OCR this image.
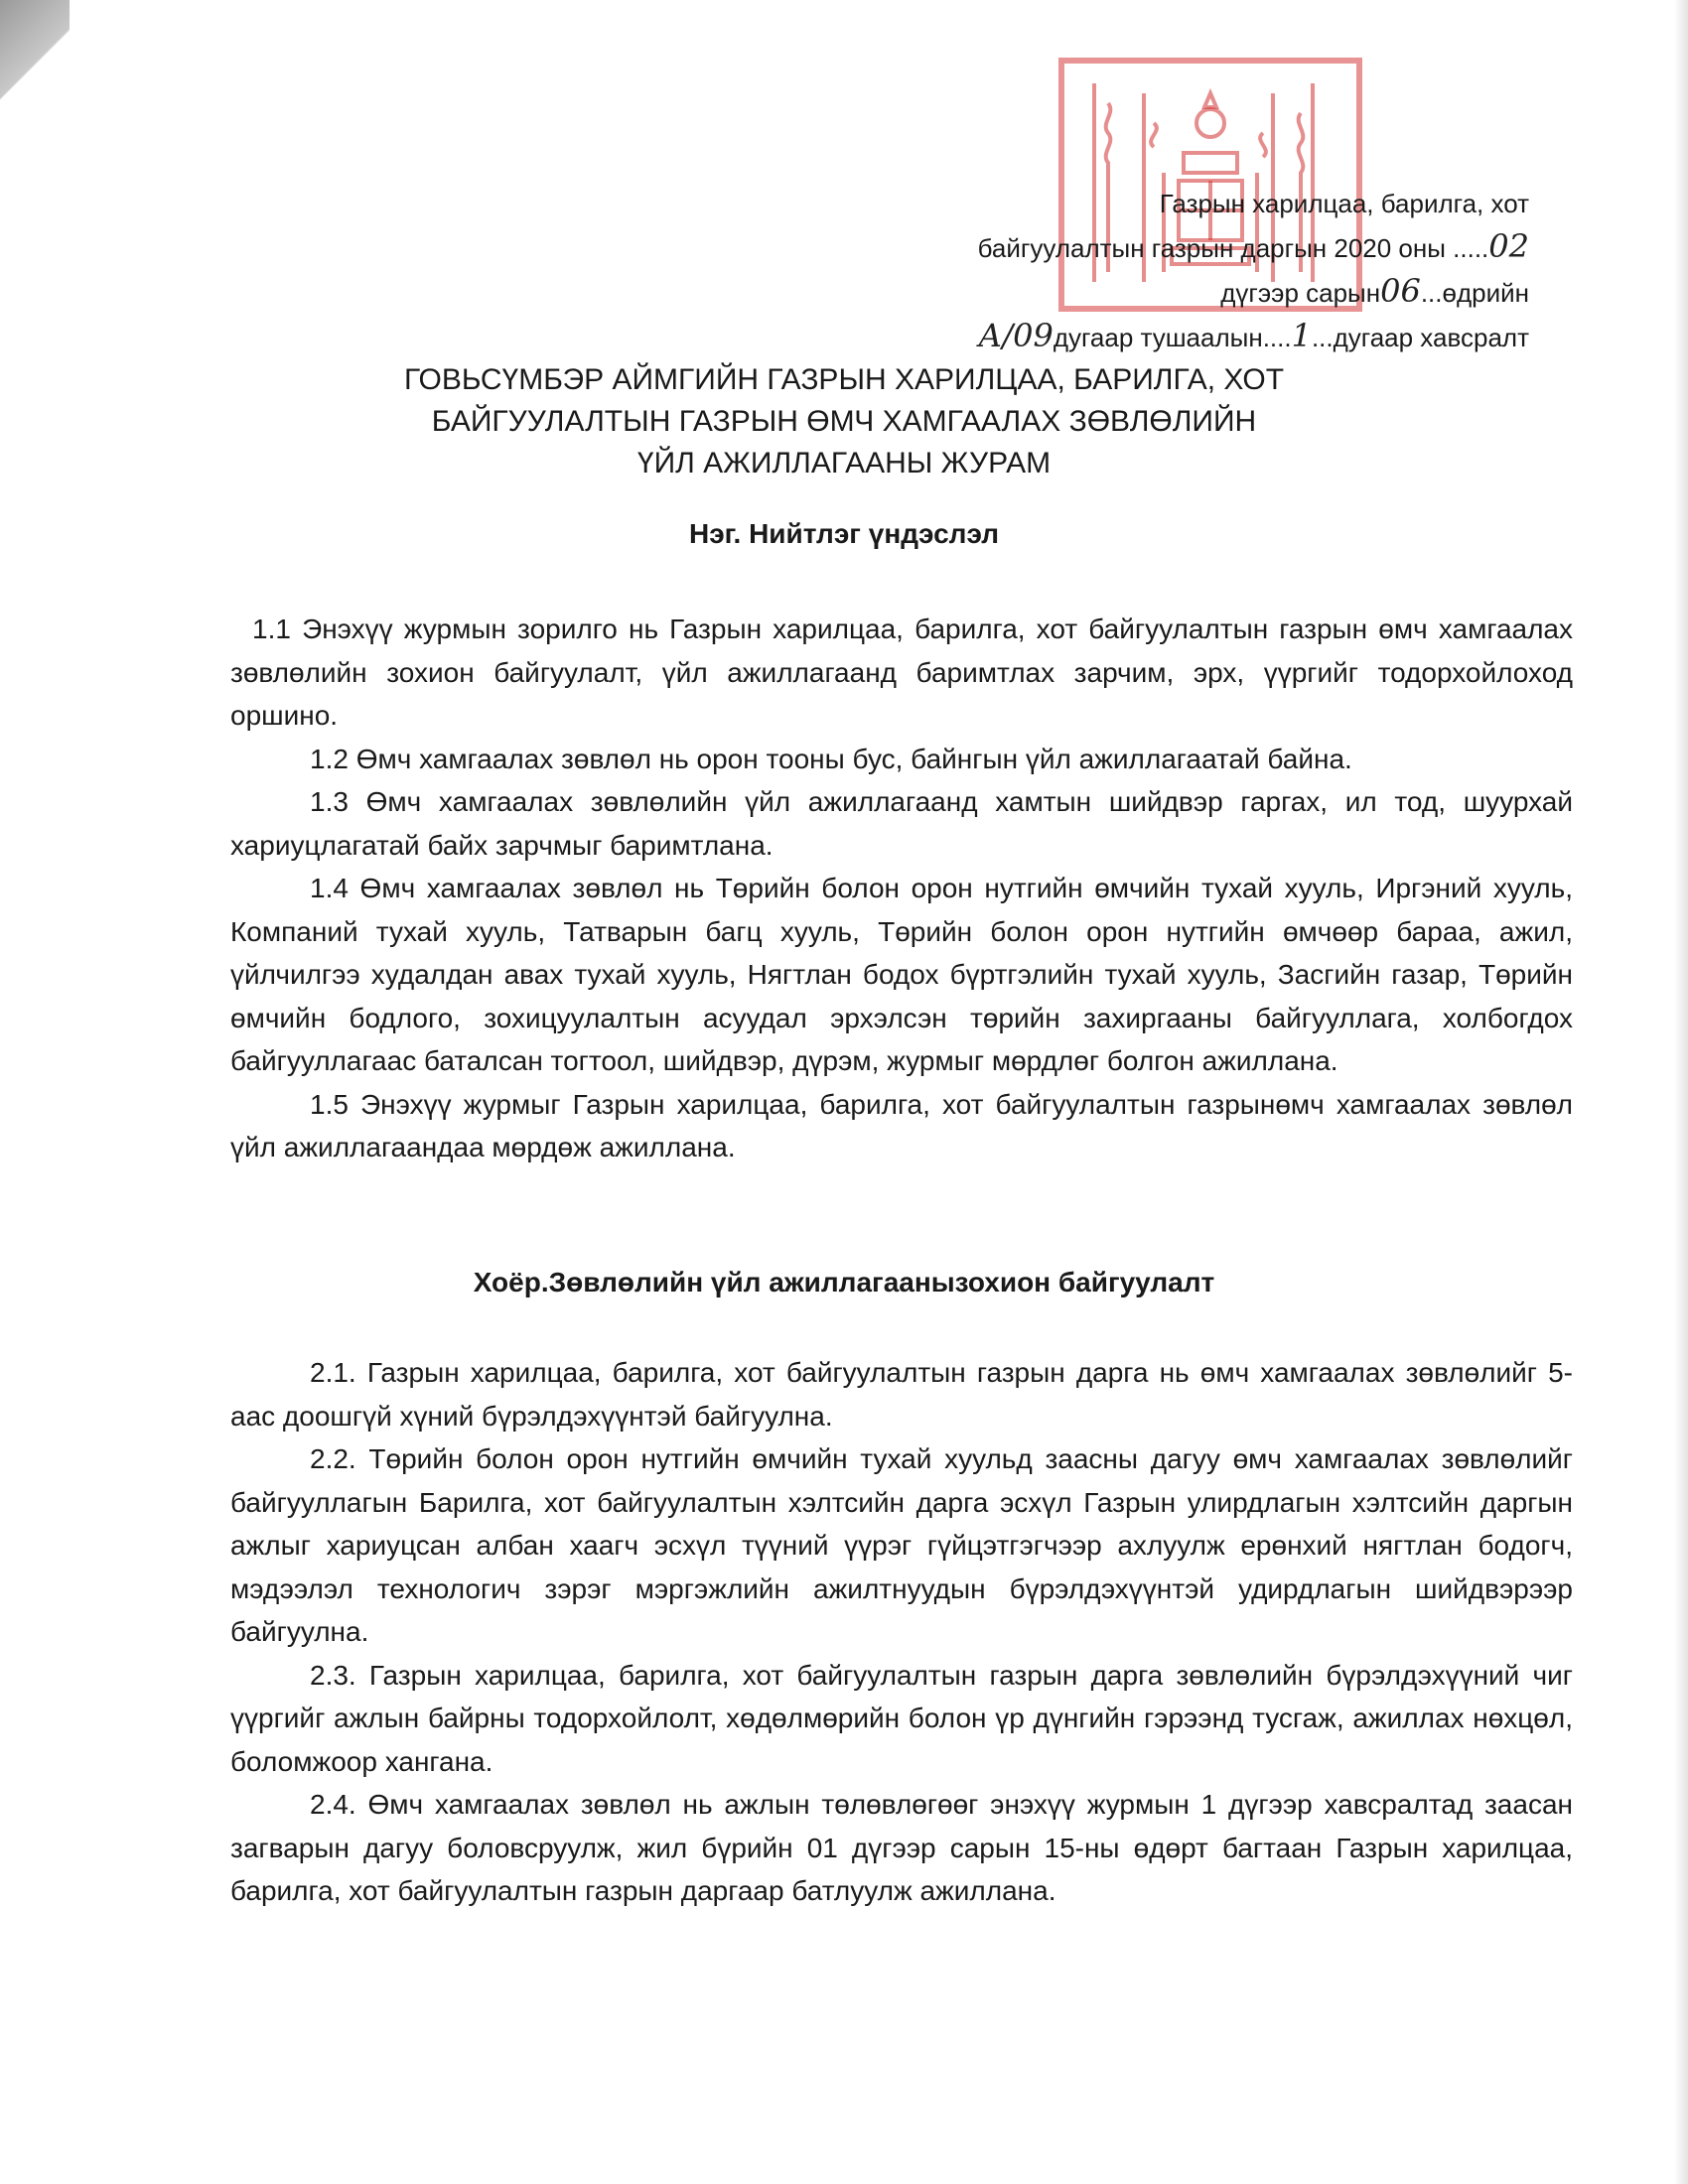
Газрын харилцаа, барилга, хот
байгуулалтын газрын даргын 2020 оны .....02
дүгээр сарын06...өдрийн
А/09дугаар тушаалын....1...дугаар хавсралт
ГОВЬСҮМБЭР АЙМГИЙН ГАЗРЫН ХАРИЛЦАА, БАРИЛГА, ХОТ
БАЙГУУЛАЛТЫН ГАЗРЫН ӨМЧ ХАМГААЛАХ ЗӨВЛӨЛИЙН
ҮЙЛ АЖИЛЛАГААНЫ ЖУРАМ
Нэг. Нийтлэг үндэслэл

1.1 Энэхүү журмын зорилго нь Газрын харилцаа, барилга, хот байгуулалтын газрын өмч хамгаалах зөвлөлийн зохион байгуулалт, үйл ажиллагаанд баримтлах зарчим, эрх, үүргийг тодорхойлоход оршино.

1.2 Өмч хамгаалах зөвлөл нь орон тооны бус, байнгын үйл ажиллагаатай байна.

1.3 Өмч хамгаалах зөвлөлийн үйл ажиллагаанд хамтын шийдвэр гаргах, ил тод, шуурхай хариуцлагатай байх зарчмыг баримтлана.

1.4 Өмч хамгаалах зөвлөл нь Төрийн болон орон нутгийн өмчийн тухай хууль, Иргэний хууль, Компаний тухай хууль, Татварын багц хууль, Төрийн болон орон нутгийн өмчөөр бараа, ажил, үйлчилгээ худалдан авах тухай хууль, Нягтлан бодох бүртгэлийн тухай хууль, Засгийн газар, Төрийн өмчийн бодлого, зохицуулалтын асуудал эрхэлсэн төрийн захиргааны байгууллага, холбогдох байгууллагаас баталсан тогтоол, шийдвэр, дүрэм, журмыг мөрдлөг болгон ажиллана.

1.5 Энэхүү журмыг Газрын харилцаа, барилга, хот байгуулалтын газрынөмч хамгаалах зөвлөл үйл ажиллагаандаа мөрдөж ажиллана.

Хоёр.Зөвлөлийн үйл ажиллагаанызохион байгуулалт

2.1. Газрын харилцаа, барилга, хот байгуулалтын газрын дарга нь өмч хамгаалах зөвлөлийг 5-аас доошгүй хүний бүрэлдэхүүнтэй байгуулна.

2.2. Төрийн болон орон нутгийн өмчийн тухай хуульд заасны дагуу өмч хамгаалах зөвлөлийг байгууллагын Барилга, хот байгуулалтын хэлтсийн дарга эсхүл Газрын улирдлагын хэлтсийн даргын ажлыг хариуцсан албан хаагч эсхүл түүний үүрэг гүйцэтгэгчээр ахлуулж ерөнхий нягтлан бодогч, мэдээлэл технологич зэрэг мэргэжлийн ажилтнуудын бүрэлдэхүүнтэй удирдлагын шийдвэрээр байгуулна.

2.3. Газрын харилцаа, барилга, хот байгуулалтын газрын дарга зөвлөлийн бүрэлдэхүүний чиг үүргийг ажлын байрны тодорхойлолт, хөдөлмөрийн болон үр дүнгийн гэрээнд тусгаж, ажиллах нөхцөл, боломжоор хангана.

2.4. Өмч хамгаалах зөвлөл нь ажлын төлөвлөгөөг энэхүү журмын 1 дүгээр хавсралтад заасан загварын дагуу боловсруулж, жил бүрийн 01 дүгээр сарын 15-ны өдөрт багтаан Газрын харилцаа, барилга, хот байгуулалтын газрын даргаар батлуулж ажиллана.
